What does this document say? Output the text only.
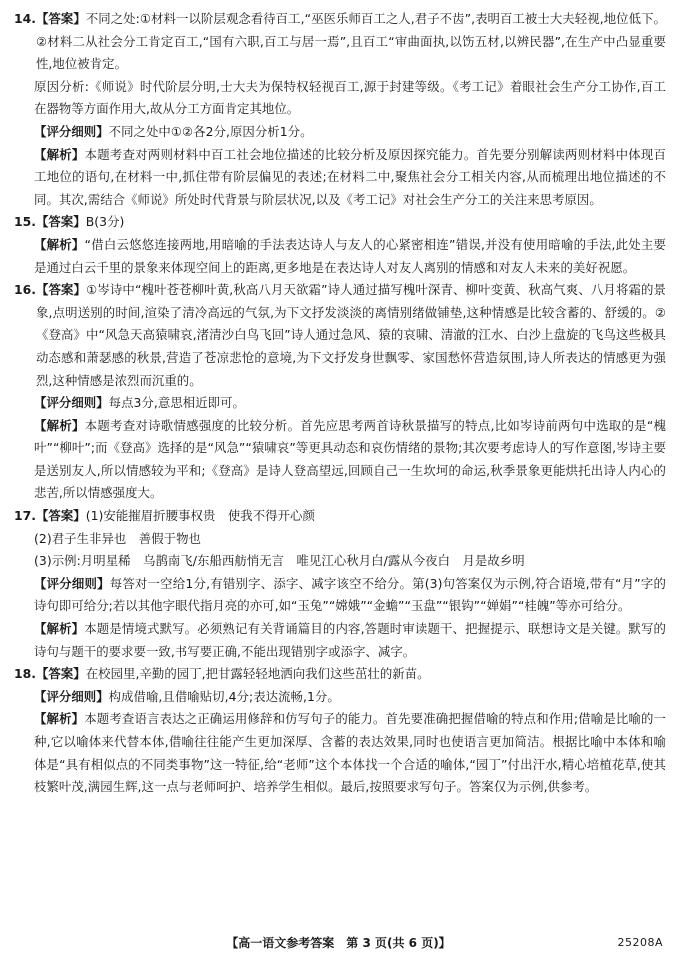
14. 【答案】不同之处:①材料一以阶层观念看待百工,“巫医乐师百工之人,君子不齿”,表明百工被士大夫轻视,地位低下。②材料二从社会分工肯定百工,“国有六职,百工与居一焉”,且百工“审曲面执,以饬五材,以辨民器”,在生产中凸显重要性,地位被肯定。

原因分析:《师说》时代阶层分明,士大夫为保特权轻视百工,源于封建等级。《考工记》着眼社会生产分工协作,百工在器物等方面作用大,故从分工方面肯定其地位。

【评分细则】不同之处中①②各2分,原因分析1分。

【解析】本题考查对两则材料中百工社会地位描述的比较分析及原因探究能力。首先要分别解读两则材料中体现百工地位的语句,在材料一中,抓住带有阶层偏见的表述;在材料二中,聚焦社会分工相关内容,从而梳理出地位描述的不同。其次,需结合《师说》所处时代背景与阶层状况,以及《考工记》对社会生产分工的关注来思考原因。

15. 【答案】B(3分)

【解析】“借白云悠悠连接两地,用暗喻的手法表达诗人与友人的心紧密相连”错误,并没有使用暗喻的手法,此处主要是通过白云千里的景象来体现空间上的距离,更多地是在表达诗人对友人离别的情感和对友人未来的美好祝愿。

16. 【答案】①岑诗中“槐叶苍苍柳叶黄,秋高八月天欲霜”诗人通过描写槐叶深青、柳叶变黄、秋高气爽、八月将霜的景象,点明送别的时间,渲染了清冷高远的气氛,为下文抒发淡淡的离情别绪做铺垫,这种情感是比较含蓄的、舒缓的。②《登高》中“风急天高猿啸哀,渚清沙白鸟飞回”诗人通过急风、猿的哀啸、清澈的江水、白沙上盘旋的飞鸟这些极具动态感和萧瑟感的秋景,营造了苍凉悲怆的意境,为下文抒发身世飘零、家国愁怀营造氛围,诗人所表达的情感更为强烈,这种情感是浓烈而沉重的。

【评分细则】每点3分,意思相近即可。

【解析】本题考查对诗歌情感强度的比较分析。首先应思考两首诗秋景描写的特点,比如岑诗前两句中选取的是“槐叶”“柳叶”;而《登高》选择的是“风急”“猿啸哀”等更具动态和哀伤情绪的景物;其次要考虑诗人的写作意图,岑诗主要是送别友人,所以情感较为平和;《登高》是诗人登高望远,回顾自己一生坎坷的命运,秋季景象更能烘托出诗人内心的悲苦,所以情感强度大。

17. 【答案】(1)安能摧眉折腰事权贵　使我不得开心颜

(2)君子生非异也　善假于物也

(3)示例:月明星稀　乌鹊南飞/东船西舫悄无言　唯见江心秋月白/露从今夜白　月是故乡明

【评分细则】每答对一空给1分,有错别字、添字、减字该空不给分。第(3)句答案仅为示例,符合语境,带有“月”字的诗句即可给分;若以其他字眼代指月亮的亦可,如“玉兔”“嫦娥”“金蟾”“玉盘”“银钩”“婵娟”“桂魄”等亦可给分。

【解析】本题是情境式默写。必须熟记有关背诵篇目的内容,答题时审读题干、把握提示、联想诗文是关键。默写的诗句与题干的要求要一致,书写要正确,不能出现错别字或添字、减字。

18. 【答案】在校园里,辛勤的园丁,把甘露轻轻地洒向我们这些茁壮的新苗。

【评分细则】构成借喻,且借喻贴切,4分;表达流畅,1分。

【解析】本题考查语言表达之正确运用修辞和仿写句子的能力。首先要准确把握借喻的特点和作用;借喻是比喻的一种,它以喻体来代替本体,借喻往往能产生更加深厚、含蓄的表达效果,同时也使语言更加简洁。根据比喻中本体和喻体是“具有相似点的不同类事物”这一特征,给“老师”这个本体找一个合适的喻体,“园丁”付出汗水,精心培植花草,使其枝繁叶茂,满园生辉,这一点与老师呵护、培养学生相似。最后,按照要求写句子。答案仅为示例,供参考。

【高一语文参考答案　第 3 页(共 6 页)】	25208A
